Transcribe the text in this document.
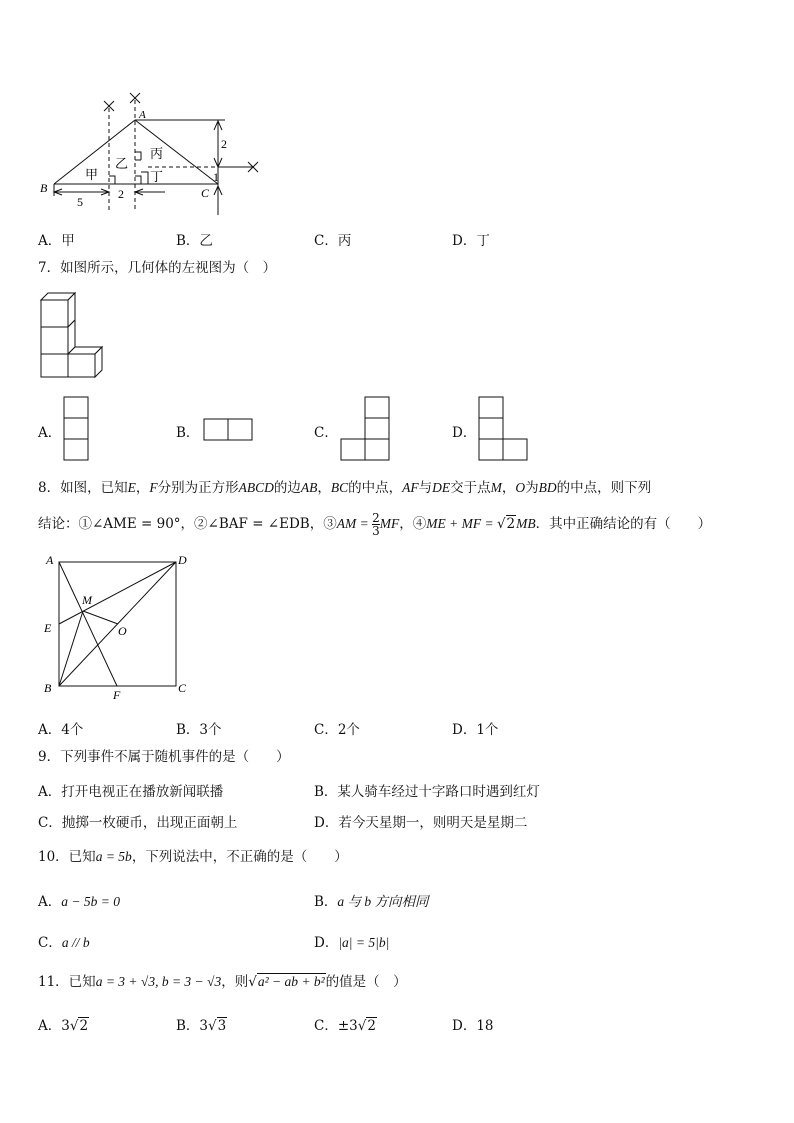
A
B	C
甲
乙
丙
丁
5
2
2
1
A．甲	B．乙	C．丙	D．丁
7．如图所示，几何体的左视图为（　）
A．	B．	C．	D．
8．如图，已知E，F分别为正方形ABCD的边AB，BC的中点，AF与DE交于点M，O为BD的中点，则下列
结论：①∠AME = 90°，②∠BAF = ∠EDB，③AM = $\frac{2}{3}$ MF，④ME + MF = √2MB．其中正确结论的有（　　）
A	D
E
M
O
B	F	C
A．4个	B．3个	C．2个	D．1个
9．下列事件不属于随机事件的是（　　）
A．打开电视正在播放新闻联播	B．某人骑车经过十字路口时遇到红灯
C．抛掷一枚硬币，出现正面朝上	D．若今天星期一，则明天是星期二
10．已知a = 5b，下列说法中，不正确的是（　　）
A．a − 5b = 0	B．a 与 b 方向相同
C．a // b	D．|a| = 5|b|
11．已知a = 3 + √3, b = 3 − √3，则√a² − ab + b²的值是（　）
A．3√2	B．3√3	C．±3√2	D．18
